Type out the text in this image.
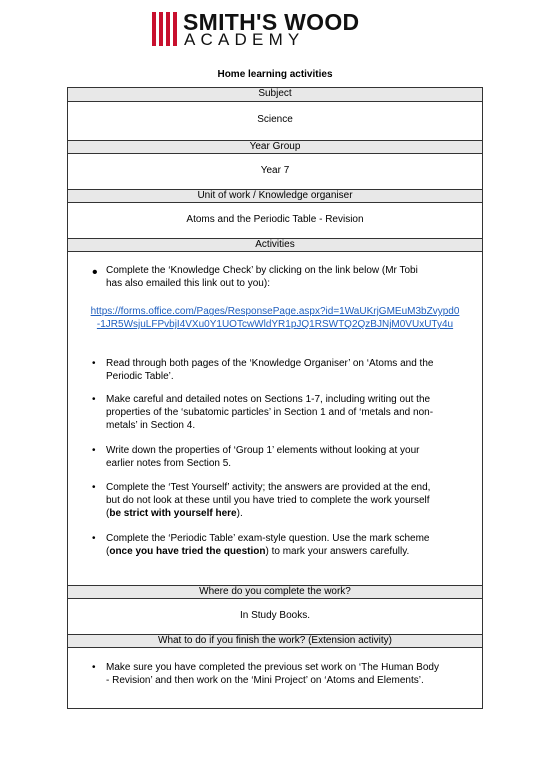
SMITH'S WOOD
ACADEMY
Home learning activities
Subject
Science
Year Group
Year 7
Unit of work / Knowledge organiser
Atoms and the Periodic Table - Revision
Activities
• Complete the ‘Knowledge Check’ by clicking on the link below (Mr Tobi
has also emailed this link out to you):
https://forms.office.com/Pages/ResponsePage.aspx?id=1WaUKrjGMEuM3bZvypd0
-1JR5WsjuLFPvbjI4VXu0Y1UOTcwWldYR1pJQ1RSWTQ2QzBJNjM0VUxUTy4u
• Read through both pages of the ‘Knowledge Organiser’ on ‘Atoms and the
Periodic Table’.
• Make careful and detailed notes on Sections 1-7, including writing out the
properties of the ‘subatomic particles’ in Section 1 and of ‘metals and non-
metals’ in Section 4.
• Write down the properties of ‘Group 1’ elements without looking at your
earlier notes from Section 5.
• Complete the ‘Test Yourself’ activity; the answers are provided at the end,
but do not look at these until you have tried to complete the work yourself
(be strict with yourself here).
• Complete the ‘Periodic Table’ exam-style question. Use the mark scheme
(once you have tried the question) to mark your answers carefully.
Where do you complete the work?
In Study Books.
What to do if you finish the work? (Extension activity)
• Make sure you have completed the previous set work on ‘The Human Body
- Revision’ and then work on the ‘Mini Project’ on ‘Atoms and Elements’.
